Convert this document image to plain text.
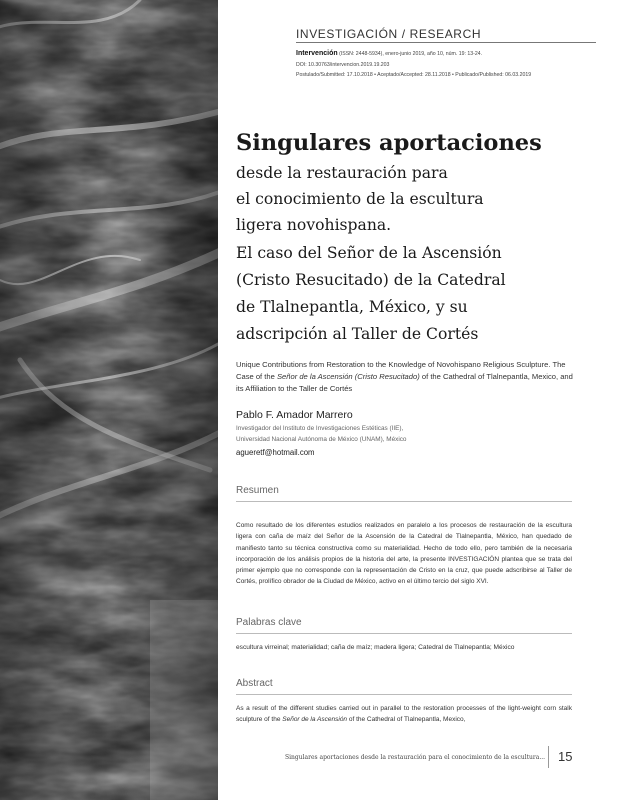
INVESTIGACIÓN / RESEARCH
Intervención (ISSN: 2448-5934), enero-junio 2019, año 10, núm. 19: 13-24.
DOI: 10.30763/intervencion.2019.19.203
Postulado/Submitted: 17.10.2018 • Aceptado/Accepted: 28.11.2018 • Publicado/Published: 06.03.2019
Singulares aportaciones
desde la restauración para
el conocimiento de la escultura
ligera novohispana.
El caso del Señor de la Ascensión
(Cristo Resucitado) de la Catedral
de Tlalnepantla, México, y su
adscripción al Taller de Cortés
Unique Contributions from Restoration to the Knowledge of Novohispano Religious Sculpture. The Case of the Señor de la Ascensión (Cristo Resucitado) of the Cathedral of Tlalnepantla, Mexico, and its Affiliation to the Taller de Cortés
Pablo F. Amador Marrero
Investigador del Instituto de Investigaciones Estéticas (IIE),
Universidad Nacional Autónoma de México (UNAM), México
agueretf@hotmail.com
Resumen

Como resultado de los diferentes estudios realizados en paralelo a los procesos de restauración de la escultura ligera con caña de maíz del Señor de la Ascensión de la Catedral de Tlalnepantla, México, han quedado de manifiesto tanto su técnica constructiva como su materialidad. Hecho de todo ello, pero también de la necesaria incorporación de los análisis propios de la historia del arte, la presente INVESTIGACIÓN plantea que se trata del primer ejemplo que no corresponde con la representación de Cristo en la cruz, que puede adscribirse al Taller de Cortés, prolífico obrador de la Ciudad de México, activo en el último tercio del siglo XVI.

Palabras clave
escultura virreinal; materialidad; caña de maíz; madera ligera; Catedral de Tlalnepantla; México
Abstract

As a result of the different studies carried out in parallel to the restoration processes of the light-weight corn stalk sculpture of the Señor de la Ascensión of the Cathedral of Tlalnepantla, Mexico,

Singulares aportaciones desde la restauración para el conocimiento de la escultura... 15
